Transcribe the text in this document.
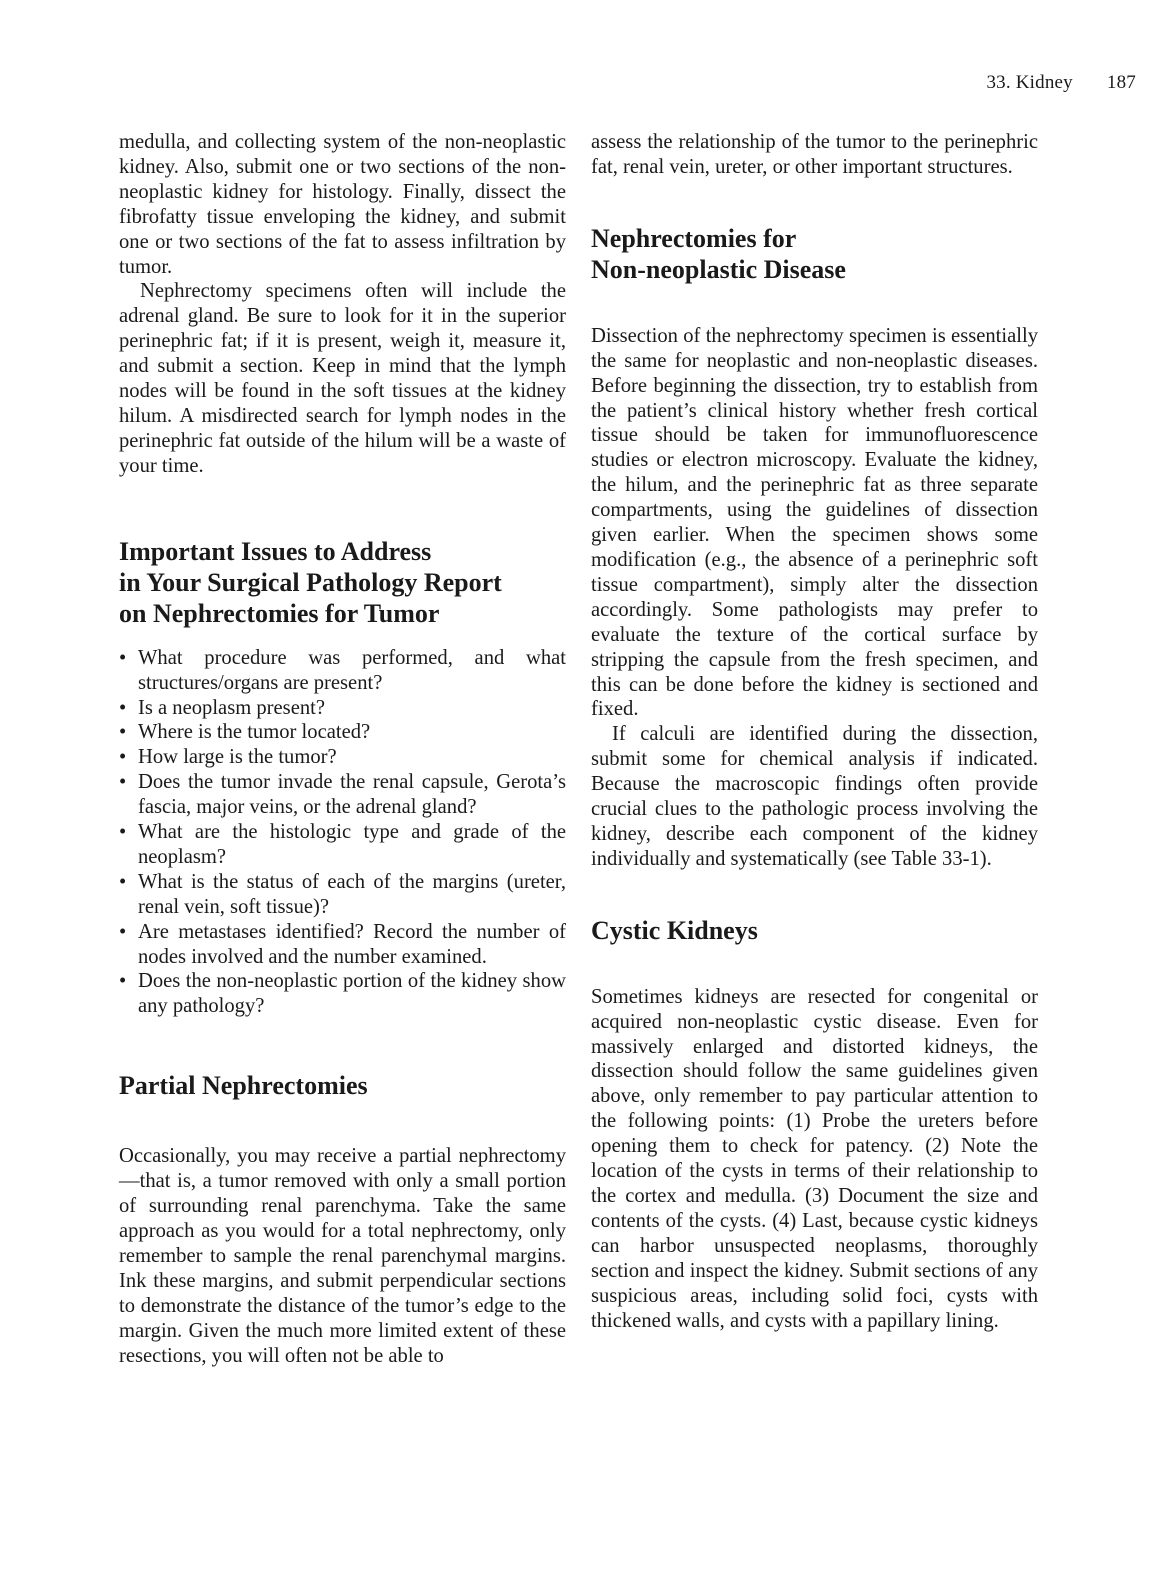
33. Kidney 187

medulla, and collecting system of the non-neoplastic kidney. Also, submit one or two sections of the non-neoplastic kidney for histology. Finally, dissect the fibrofatty tissue enveloping the kidney, and submit one or two sections of the fat to assess infiltration by tumor.

Nephrectomy specimens often will include the adrenal gland. Be sure to look for it in the superior perinephric fat; if it is present, weigh it, measure it, and submit a section. Keep in mind that the lymph nodes will be found in the soft tissues at the kidney hilum. A misdirected search for lymph nodes in the perinephric fat outside of the hilum will be a waste of your time.

Important Issues to Address
in Your Surgical Pathology Report
on Nephrectomies for Tumor
• What procedure was performed, and what structures/organs are present?
• Is a neoplasm present?
• Where is the tumor located?
• How large is the tumor?
• Does the tumor invade the renal capsule, Gerota’s fascia, major veins, or the adrenal gland?
• What are the histologic type and grade of the neoplasm?
• What is the status of each of the margins (ureter, renal vein, soft tissue)?
• Are metastases identified? Record the number of nodes involved and the number examined.
• Does the non-neoplastic portion of the kidney show any pathology?
Partial Nephrectomies

Occasionally, you may receive a partial nephrectomy—that is, a tumor removed with only a small portion of surrounding renal parenchyma. Take the same approach as you would for a total nephrectomy, only remember to sample the renal parenchymal margins. Ink these margins, and submit perpendicular sections to demonstrate the distance of the tumor’s edge to the margin. Given the much more limited extent of these resections, you will often not be able to

assess the relationship of the tumor to the perinephric fat, renal vein, ureter, or other important structures.

Nephrectomies for
Non-neoplastic Disease

Dissection of the nephrectomy specimen is essentially the same for neoplastic and non-neoplastic diseases. Before beginning the dissection, try to establish from the patient’s clinical history whether fresh cortical tissue should be taken for immunofluorescence studies or electron microscopy. Evaluate the kidney, the hilum, and the perinephric fat as three separate compartments, using the guidelines of dissection given earlier. When the specimen shows some modification (e.g., the absence of a perinephric soft tissue compartment), simply alter the dissection accordingly. Some pathologists may prefer to evaluate the texture of the cortical surface by stripping the capsule from the fresh specimen, and this can be done before the kidney is sectioned and fixed.

If calculi are identified during the dissection, submit some for chemical analysis if indicated. Because the macroscopic findings often provide crucial clues to the pathologic process involving the kidney, describe each component of the kidney individually and systematically (see Table 33-1).

Cystic Kidneys

Sometimes kidneys are resected for congenital or acquired non-neoplastic cystic disease. Even for massively enlarged and distorted kidneys, the dissection should follow the same guidelines given above, only remember to pay particular attention to the following points: (1) Probe the ureters before opening them to check for patency. (2) Note the location of the cysts in terms of their relationship to the cortex and medulla. (3) Document the size and contents of the cysts. (4) Last, because cystic kidneys can harbor unsuspected neoplasms, thoroughly section and inspect the kidney. Submit sections of any suspicious areas, including solid foci, cysts with thickened walls, and cysts with a papillary lining.
